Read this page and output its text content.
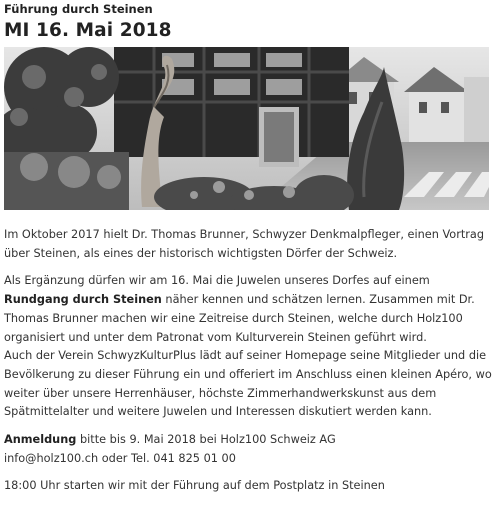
Führung durch Steinen
MI 16. Mai 2018

Im Oktober 2017 hielt Dr. Thomas Brunner, Schwyzer Denkmalpfleger, einen Vortrag über Steinen, als eines der historisch wichtigsten Dörfer der Schweiz.

Als Ergänzung dürfen wir am 16. Mai die Juwelen unseres Dorfes auf einem Rundgang durch Steinen näher kennen und schätzen lernen. Zusammen mit Dr. Thomas Brunner machen wir eine Zeitreise durch Steinen, welche durch Holz100 organisiert und unter dem Patronat vom Kulturverein Steinen geführt wird.

Auch der Verein SchwyzKulturPlus lädt auf seiner Homepage seine Mitglieder und die Bevölkerung zu dieser Führung ein und offeriert im Anschluss einen kleinen Apéro, wo weiter über unsere Herrenhäuser, höchste Zimmerhandwerkskunst aus dem Spätmittelalter und weitere Juwelen und Interessen diskutiert werden kann.

Anmeldung bitte bis 9. Mai 2018 bei Holz100 Schweiz AG

info@holz100.ch oder Tel. 041 825 01 00

18:00 Uhr starten wir mit der Führung auf dem Postplatz in Steinen
